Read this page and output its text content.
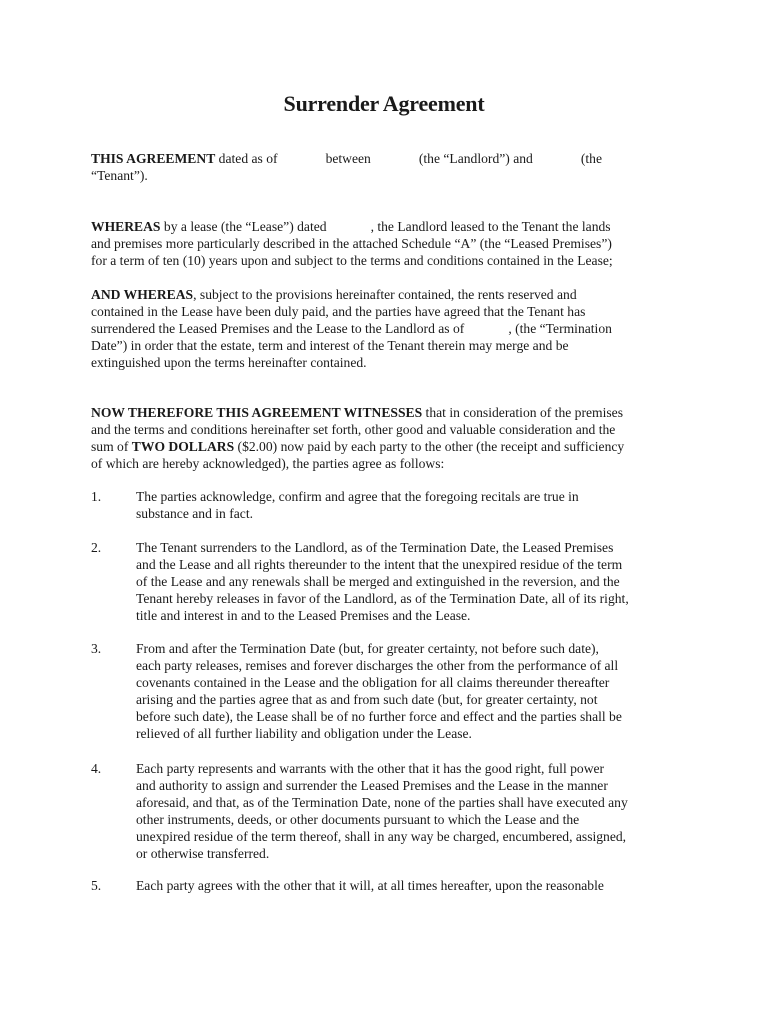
Surrender Agreement
THIS AGREEMENT dated as of	between	(the “Landlord”) and	(the
“Tenant”).
WHEREAS by a lease (the “Lease”) dated	, the Landlord leased to the Tenant the lands
and premises more particularly described in the attached Schedule “A” (the “Leased Premises”)
for a term of ten (10) years upon and subject to the terms and conditions contained in the Lease;
AND WHEREAS, subject to the provisions hereinafter contained, the rents reserved and
contained in the Lease have been duly paid, and the parties have agreed that the Tenant has
surrendered the Leased Premises and the Lease to the Landlord as of	, (the “Termination
Date”) in order that the estate, term and interest of the Tenant therein may merge and be
extinguished upon the terms hereinafter contained.
NOW THEREFORE THIS AGREEMENT WITNESSES that in consideration of the premises
and the terms and conditions hereinafter set forth, other good and valuable consideration and the
sum of TWO DOLLARS ($2.00) now paid by each party to the other (the receipt and sufficiency
of which are hereby acknowledged), the parties agree as follows:
1.	The parties acknowledge, confirm and agree that the foregoing recitals are true in
substance and in fact.
2.	The Tenant surrenders to the Landlord, as of the Termination Date, the Leased Premises
and the Lease and all rights thereunder to the intent that the unexpired residue of the term
of the Lease and any renewals shall be merged and extinguished in the reversion, and the
Tenant hereby releases in favor of the Landlord, as of the Termination Date, all of its right,
title and interest in and to the Leased Premises and the Lease.
3.	From and after the Termination Date (but, for greater certainty, not before such date),
each party releases, remises and forever discharges the other from the performance of all
covenants contained in the Lease and the obligation for all claims thereunder thereafter
arising and the parties agree that as and from such date (but, for greater certainty, not
before such date), the Lease shall be of no further force and effect and the parties shall be
relieved of all further liability and obligation under the Lease.
4.	Each party represents and warrants with the other that it has the good right, full power
and authority to assign and surrender the Leased Premises and the Lease in the manner
aforesaid, and that, as of the Termination Date, none of the parties shall have executed any
other instruments, deeds, or other documents pursuant to which the Lease and the
unexpired residue of the term thereof, shall in any way be charged, encumbered, assigned,
or otherwise transferred.
5.	Each party agrees with the other that it will, at all times hereafter, upon the reasonable
